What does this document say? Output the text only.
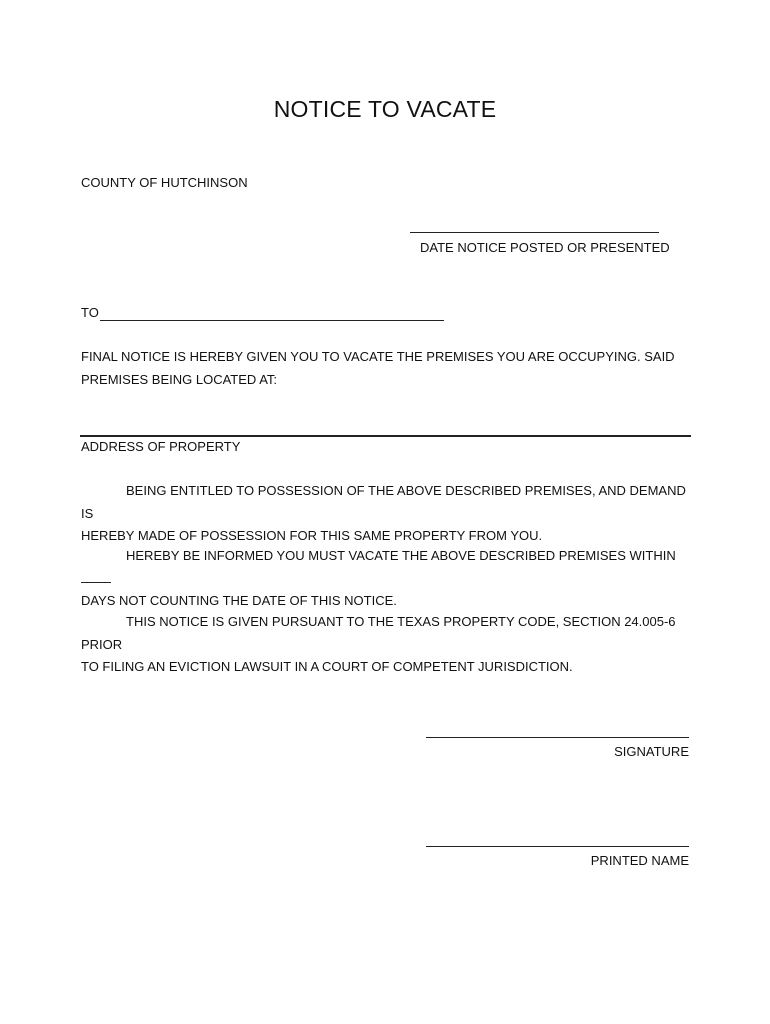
NOTICE TO VACATE
COUNTY OF HUTCHINSON
DATE NOTICE POSTED OR PRESENTED
TO
FINAL NOTICE IS HEREBY GIVEN YOU TO VACATE THE PREMISES YOU ARE OCCUPYING. SAID
PREMISES BEING LOCATED AT:
ADDRESS OF PROPERTY
BEING ENTITLED TO POSSESSION OF THE ABOVE DESCRIBED PREMISES, AND DEMAND IS
HEREBY MADE OF POSSESSION FOR THIS SAME PROPERTY FROM YOU.
HEREBY BE INFORMED YOU MUST VACATE THE ABOVE DESCRIBED PREMISES WITHIN
DAYS NOT COUNTING THE DATE OF THIS NOTICE.
THIS NOTICE IS GIVEN PURSUANT TO THE TEXAS PROPERTY CODE, SECTION 24.005-6 PRIOR
TO FILING AN EVICTION LAWSUIT IN A COURT OF COMPETENT JURISDICTION.
SIGNATURE
PRINTED NAME
